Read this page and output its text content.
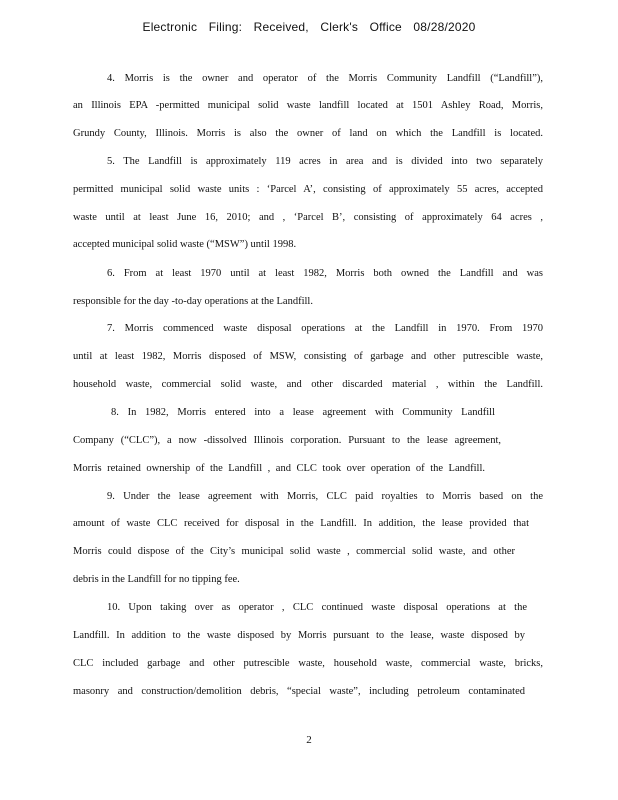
Electronic Filing: Received, Clerk's Office 08/28/2020
4. Morris is the owner and operator of the Morris Community Landfill (“Landfill”),
an Illinois EPA -permitted municipal solid waste landfill located at 1501 Ashley Road, Morris,
Grundy County, Illinois. Morris is also the owner of land on which the Landfill is located.
5. The Landfill is approximately 119 acres in area and is divided into two separately
permitted municipal solid waste units : ‘Parcel A’, consisting of approximately 55 acres, accepted
waste until at least June 16, 2010; and , ‘Parcel B’, consisting of approximately 64 acres ,
accepted municipal solid waste (“MSW”) until 1998.
6. From at least 1970 until at least 1982, Morris both owned the Landfill and was
responsible for the day -to-day operations at the Landfill.
7. Morris commenced waste disposal operations at the Landfill in 1970. From 1970
until at least 1982, Morris disposed of MSW, consisting of garbage and other putrescible waste,
household waste, commercial solid waste, and other discarded material , within the Landfill.
8. In 1982, Morris entered into a lease agreement with Community Landfill
Company (“CLC”), a now -dissolved Illinois corporation. Pursuant to the lease agreement,
Morris retained ownership of the Landfill , and CLC took over operation of the Landfill.
9. Under the lease agreement with Morris, CLC paid royalties to Morris based on the
amount of waste CLC received for disposal in the Landfill. In addition, the lease provided that
Morris could dispose of the City’s municipal solid waste , commercial solid waste, and other
debris in the Landfill for no tipping fee.
10. Upon taking over as operator , CLC continued waste disposal operations at the
Landfill. In addition to the waste disposed by Morris pursuant to the lease, waste disposed by
CLC included garbage and other putrescible waste, household waste, commercial waste, bricks,
masonry and construction/demolition debris, “special waste”, including petroleum contaminated
2
